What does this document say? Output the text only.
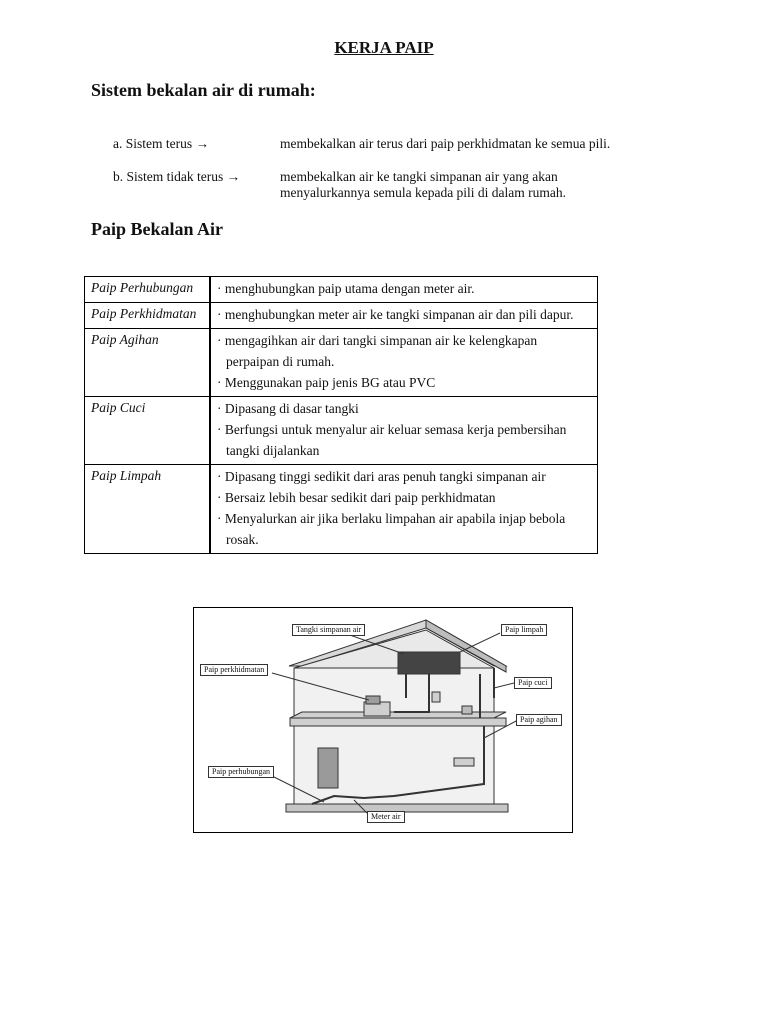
KERJA PAIP
Sistem bekalan air di rumah:
a. Sistem terus →	membekalkan air terus dari paip perkhidmatan ke semua pili.
b. Sistem tidak terus →	membekalkan air ke tangki simpanan air yang akan menyalurkannya semula kepada pili di dalam rumah.
Paip Bekalan Air
Paip Perhubungan	· menghubungkan paip utama dengan meter air.

Paip Perkhidmatan	· menghubungkan meter air ke tangki simpanan air dan pili dapur.

Paip Agihan	· mengagihkan air dari tangki simpanan air ke kelengkapan perpaipan di rumah.
· Menggunakan paip jenis BG atau PVC

Paip Cuci	· Dipasang di dasar tangki
· Berfungsi untuk menyalur air keluar semasa kerja pembersihan tangki dijalankan

Paip Limpah	· Dipasang tinggi sedikit dari aras penuh tangki simpanan air
· Bersaiz lebih besar sedikit dari paip perkhidmatan
· Menyalurkan air jika berlaku limpahan air apabila injap bebola rosak.
Tangki simpanan air	Paip limpah
Paip perkhidmatan
Paip cuci
Paip agihan
Paip perhubungan
Meter air
